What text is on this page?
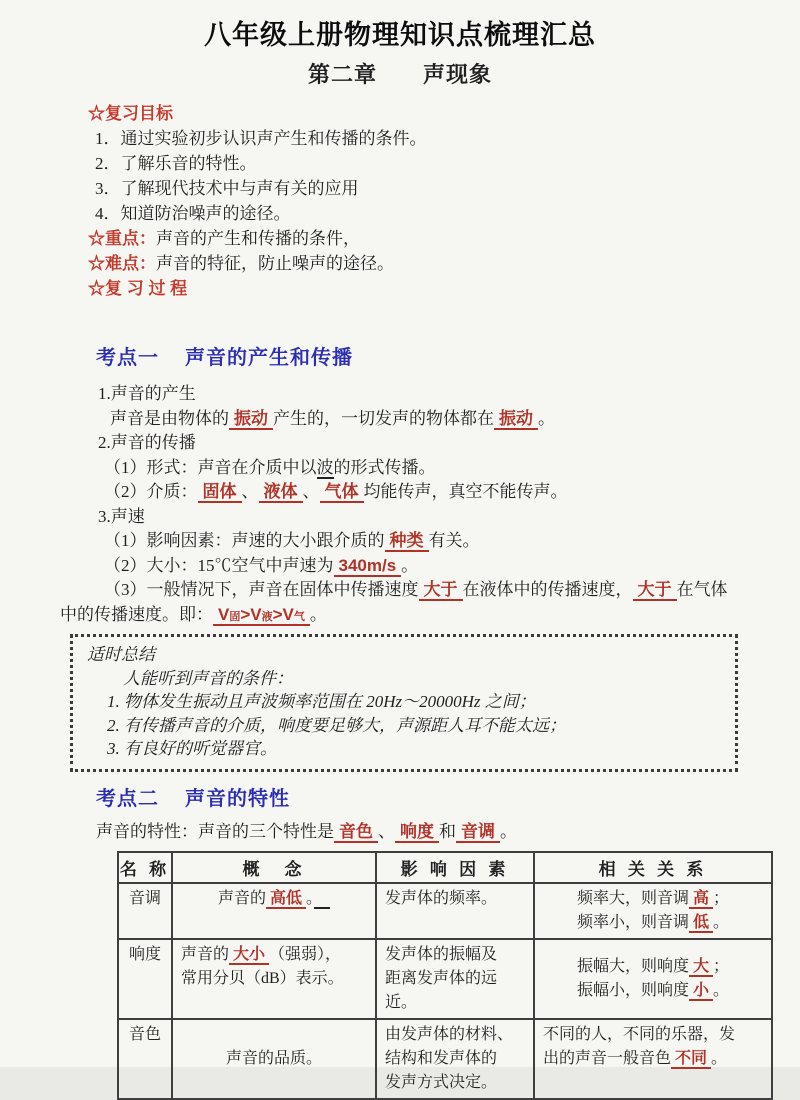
八年级上册物理知识点梳理汇总
第二章　　声现象
☆复习目标
1．通过实验初步认识声产生和传播的条件。
2．了解乐音的特性。
3．了解现代技术中与声有关的应用
4．知道防治噪声的途径。
☆重点：声音的产生和传播的条件，
☆难点：声音的特征，防止噪声的途径。
☆复 习 过 程
考点一 声音的产生和传播
1.声音的产生
声音是由物体的 振动 产生的，一切发声的物体都在 振动 。
2.声音的传播
（1）形式：声音在介质中以波的形式传播。
（2）介质： 固体 、 液体 、 气体 均能传声，真空不能传声。
3.声速
（1）影响因素：声速的大小跟介质的 种类 有关。
（2）大小：15℃空气中声速为 340m/s 。
（3）一般情况下，声音在固体中传播速度 大于 在液体中的传播速度， 大于 在气体中的传播速度。即： V固>V液>V气 。
适时总结
人能听到声音的条件：
1. 物体发生振动且声波频率范围在 20Hz～20000Hz 之间；
2. 有传播声音的介质，响度要足够大，声源距人耳不能太远；
3. 有良好的听觉器官。
考点二 声音的特性
声音的特性：声音的三个特性是 音色 、 响度 和 音调 。
名 称	概　念	影 响 因 素	相 关 关 系
音调	声音的 高低 。　	发声体的频率。	频率大，则音调 高 ；
频率小，则音调 低 。
响度	声音的 大小 （强弱），
常用分贝（dB）表示。	发声体的振幅及
距离发声体的远
近。	振幅大，则响度 大 ；
振幅小，则响度 小 。
音色	声音的品质。	由发声体的材料、
结构和发声体的
发声方式决定。	不同的人，不同的乐器，发
出的声音一般音色 不同 。
